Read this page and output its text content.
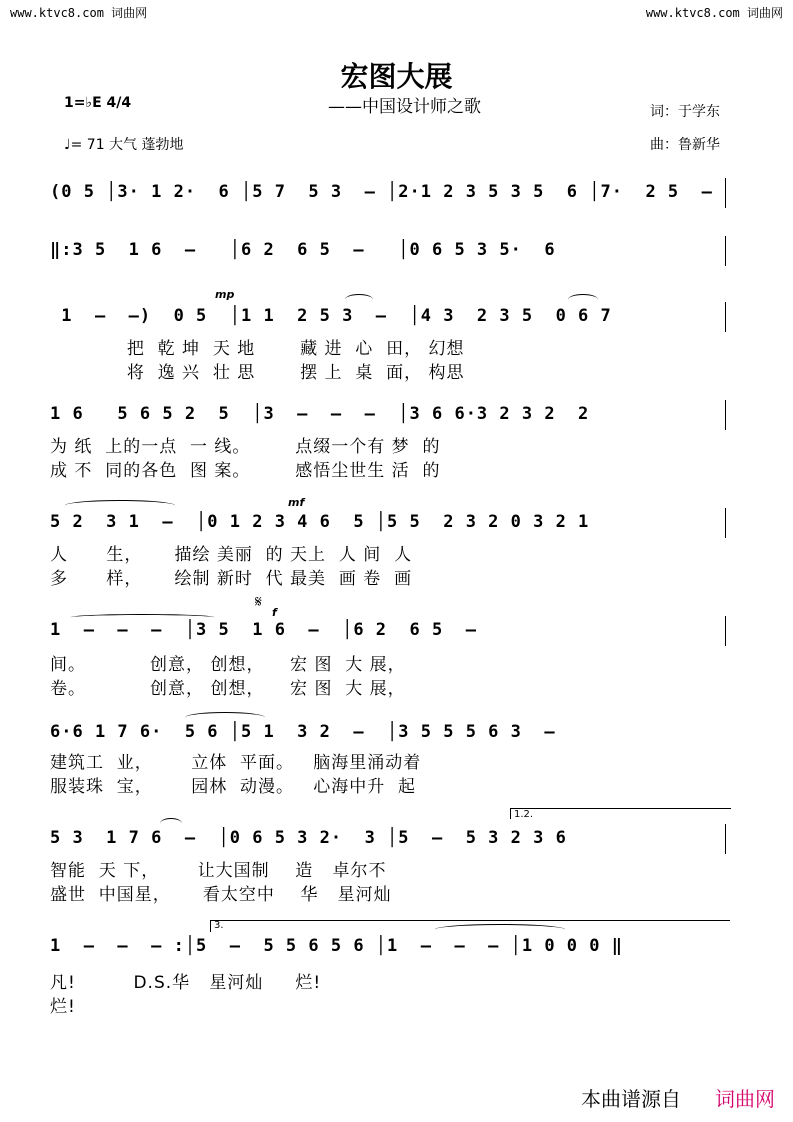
www.ktvc8.com 词曲网	www.ktvc8.com 词曲网
宏图大展
——中国设计师之歌
1=♭E 4/4
♩= 71 大气 蓬勃地
词：于学东
曲：鲁新华
(0 5 │3· 1 2·  6 │5 7  5 3  — │2·1 2 3 5 3 5  6 │7·  2 5  —
‖:3 5  1 6  —   │6 2  6 5  —   │0 6 5 3 5·  6
mp
1  —  —)  0 5  │1 1  2 5 3  —  │4 3  2 3 5  0 6 7
把  乾 坤  天 地       藏 进  心  田， 幻想
将  逸 兴  壮 思       摆 上  桌  面， 构思
1 6   5 6 5 2  5  │3  —  —  —  │3 6 6·3 2 3 2  2
为 纸  上的一点  一 线。       点缀一个有 梦  的
成 不  同的各色  图 案。       感悟尘世生 活  的
mf
5 2  3 1  —  │0 1 2 3 4 6  5 │5 5  2 3 2 0 3 2 1
人      生，     描绘 美丽  的 天上  人 间  人
多      样，     绘制 新时  代 最美  画 卷  画
𝄋
f
1  —  —  —  │3 5  1 6  —  │6 2  6 5  —
间。          创意， 创想，    宏 图  大 展，
卷。          创意， 创想，    宏 图  大 展，
6·6 1 7 6·  5 6 │5 1  3 2  —  │3 5 5 5 6 3  —
建筑工  业，      立体  平面。   脑海里涌动着
服装珠  宝，      园林  动漫。   心海中升  起
1.2.
5 3  1 7 6  —  │0 6 5 3 2·  3 │5  —  5 3 2 3 6
智能  天 下，      让大国制    造   卓尔不
盛世  中国星，     看太空中    华   星河灿
3.
1  —  —  — :│5  —  5 5 6 5 6 │1  —  —  — │1 0 0 0 ‖
凡!         D.S.华   星河灿     烂!
烂!
本曲谱源自 词曲网
